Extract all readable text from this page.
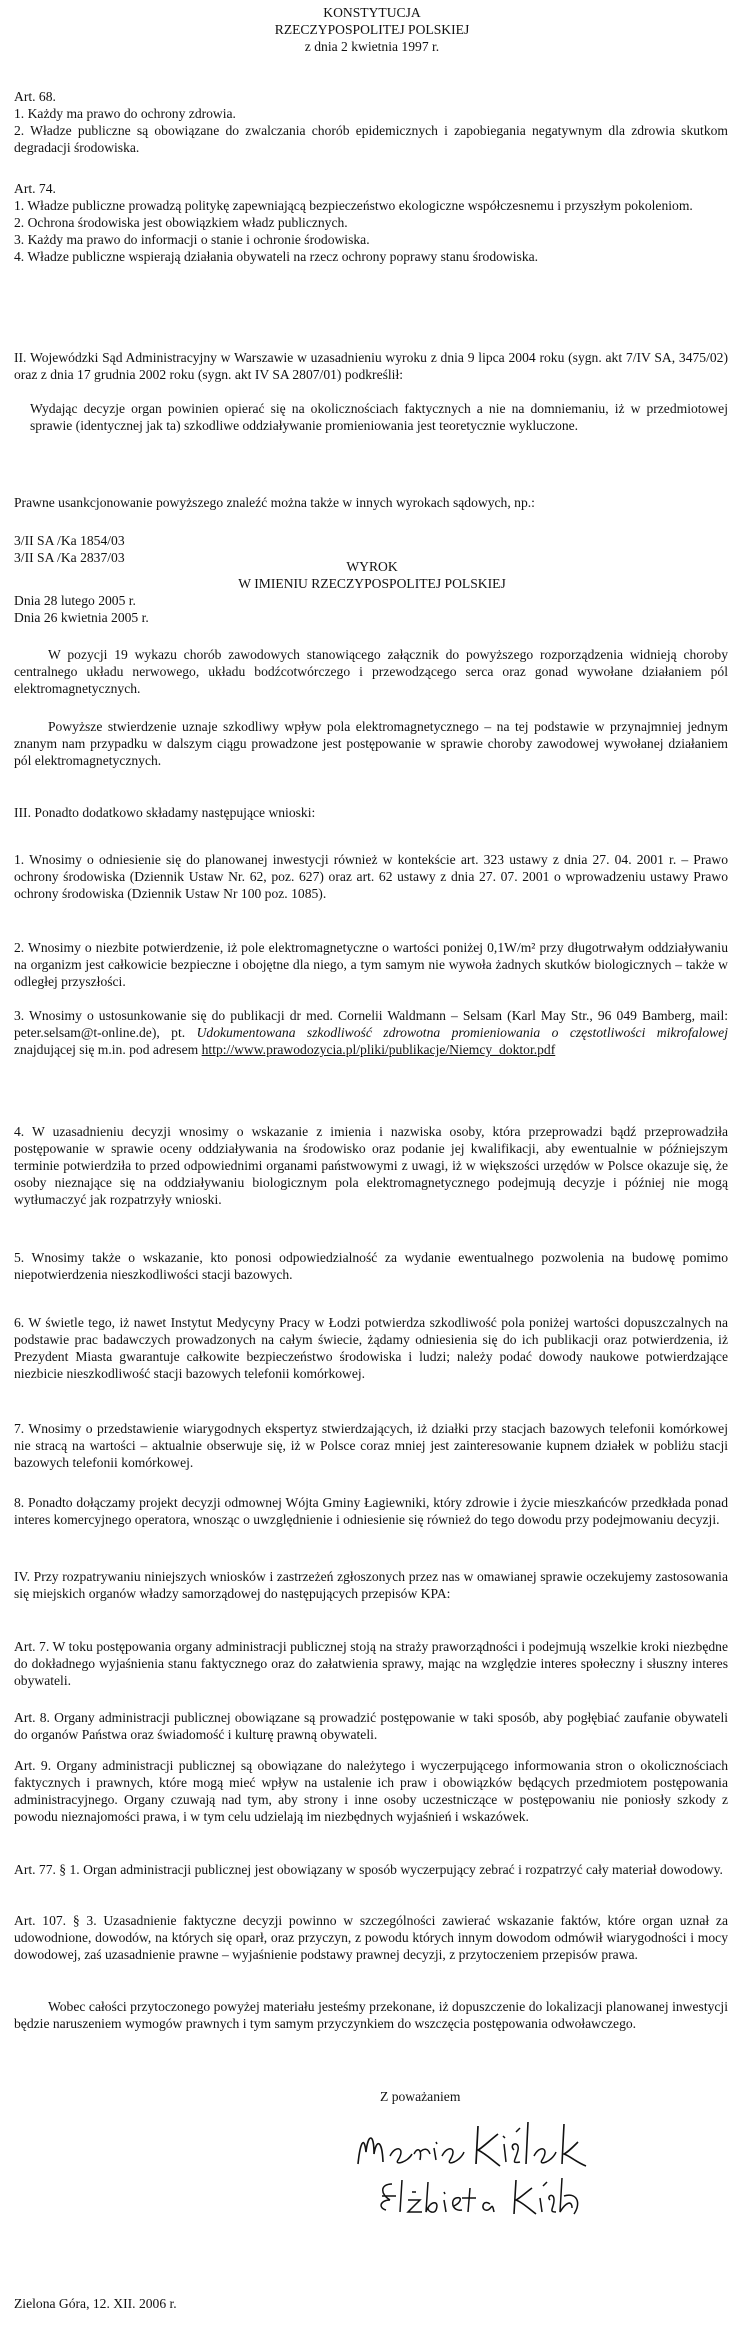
KONSTYTUCJA
RZECZYPOSPOLITEJ POLSKIEJ
z dnia 2 kwietnia 1997 r.
Art. 68.
1. Każdy ma prawo do ochrony zdrowia.
2. Władze publiczne są obowiązane do zwalczania chorób epidemicznych i zapobiegania negatywnym dla zdrowia skutkom degradacji środowiska.
Art. 74.
1. Władze publiczne prowadzą politykę zapewniającą bezpieczeństwo ekologiczne współczesnemu i przyszłym pokoleniom.
2. Ochrona środowiska jest obowiązkiem władz publicznych.
3. Każdy ma prawo do informacji o stanie i ochronie środowiska.
4. Władze publiczne wspierają działania obywateli na rzecz ochrony poprawy stanu środowiska.
II. Wojewódzki Sąd Administracyjny w Warszawie w uzasadnieniu wyroku z dnia 9 lipca 2004 roku (sygn. akt 7/IV SA, 3475/02) oraz z dnia 17 grudnia 2002 roku (sygn. akt IV SA 2807/01) podkreślił:
Wydając decyzje organ powinien opierać się na okolicznościach faktycznych a nie na domniemaniu, iż w przedmiotowej sprawie (identycznej jak ta) szkodliwe oddziaływanie promieniowania jest teoretycznie wykluczone.
Prawne usankcjonowanie powyższego znaleźć można także w innych wyrokach sądowych, np.:
3/II SA /Ka 1854/03
3/II SA /Ka 2837/03
WYROK
W IMIENIU RZECZYPOSPOLITEJ POLSKIEJ
Dnia 28 lutego 2005 r.
Dnia 26 kwietnia 2005 r.
W pozycji 19 wykazu chorób zawodowych stanowiącego załącznik do powyższego rozporządzenia widnieją choroby centralnego układu nerwowego, układu bodźcotwórczego i przewodzącego serca oraz gonad wywołane działaniem pól elektromagnetycznych.
Powyższe stwierdzenie uznaje szkodliwy wpływ pola elektromagnetycznego – na tej podstawie w przynajmniej jednym znanym nam przypadku w dalszym ciągu prowadzone jest postępowanie w sprawie choroby zawodowej wywołanej działaniem pól elektromagnetycznych.
III. Ponadto dodatkowo składamy następujące wnioski:
1. Wnosimy o odniesienie się do planowanej inwestycji również w kontekście art. 323 ustawy z dnia 27. 04. 2001 r. – Prawo ochrony środowiska (Dziennik Ustaw Nr. 62, poz. 627) oraz art. 62 ustawy z dnia 27. 07. 2001 o wprowadzeniu ustawy Prawo ochrony środowiska (Dziennik Ustaw Nr 100 poz. 1085).
2. Wnosimy o niezbite potwierdzenie, iż pole elektromagnetyczne o wartości poniżej 0,1W/m² przy długotrwałym oddziaływaniu na organizm jest całkowicie bezpieczne i obojętne dla niego, a tym samym nie wywoła żadnych skutków biologicznych – także w odległej przyszłości.
3. Wnosimy o ustosunkowanie się do publikacji dr med. Cornelii Waldmann – Selsam (Karl May Str., 96 049 Bamberg, mail: peter.selsam@t-online.de), pt. Udokumentowana szkodliwość zdrowotna promieniowania o częstotliwości mikrofalowej znajdującej się m.in. pod adresem http://www.prawodozycia.pl/pliki/publikacje/Niemcy_doktor.pdf
4. W uzasadnieniu decyzji wnosimy o wskazanie z imienia i nazwiska osoby, która przeprowadzi bądź przeprowadziła postępowanie w sprawie oceny oddziaływania na środowisko oraz podanie jej kwalifikacji, aby ewentualnie w późniejszym terminie potwierdziła to przed odpowiednimi organami państwowymi z uwagi, iż w większości urzędów w Polsce okazuje się, że osoby nieznające się na oddziaływaniu biologicznym pola elektromagnetycznego podejmują decyzje i później nie mogą wytłumaczyć jak rozpatrzyły wnioski.
5. Wnosimy także o wskazanie, kto ponosi odpowiedzialność za wydanie ewentualnego pozwolenia na budowę pomimo niepotwierdzenia nieszkodliwości stacji bazowych.
6. W świetle tego, iż nawet Instytut Medycyny Pracy w Łodzi potwierdza szkodliwość pola poniżej wartości dopuszczalnych na podstawie prac badawczych prowadzonych na całym świecie, żądamy odniesienia się do ich publikacji oraz potwierdzenia, iż Prezydent Miasta gwarantuje całkowite bezpieczeństwo środowiska i ludzi; należy podać dowody naukowe potwierdzające niezbicie nieszkodliwość stacji bazowych telefonii komórkowej.
7. Wnosimy o przedstawienie wiarygodnych ekspertyz stwierdzających, iż działki przy stacjach bazowych telefonii komórkowej nie stracą na wartości – aktualnie obserwuje się, iż w Polsce coraz mniej jest zainteresowanie kupnem działek w pobliżu stacji bazowych telefonii komórkowej.
8. Ponadto dołączamy projekt decyzji odmownej Wójta Gminy Łagiewniki, który zdrowie i życie mieszkańców przedkłada ponad interes komercyjnego operatora, wnosząc o uwzględnienie i odniesienie się również do tego dowodu przy podejmowaniu decyzji.
IV. Przy rozpatrywaniu niniejszych wniosków i zastrzeżeń zgłoszonych przez nas w omawianej sprawie oczekujemy zastosowania się miejskich organów władzy samorządowej do następujących przepisów KPA:
Art. 7. W toku postępowania organy administracji publicznej stoją na straży praworządności i podejmują wszelkie kroki niezbędne do dokładnego wyjaśnienia stanu faktycznego oraz do załatwienia sprawy, mając na względzie interes społeczny i słuszny interes obywateli.
Art. 8. Organy administracji publicznej obowiązane są prowadzić postępowanie w taki sposób, aby pogłębiać zaufanie obywateli do organów Państwa oraz świadomość i kulturę prawną obywateli.
Art. 9. Organy administracji publicznej są obowiązane do należytego i wyczerpującego informowania stron o okolicznościach faktycznych i prawnych, które mogą mieć wpływ na ustalenie ich praw i obowiązków będących przedmiotem postępowania administracyjnego. Organy czuwają nad tym, aby strony i inne osoby uczestniczące w postępowaniu nie poniosły szkody z powodu nieznajomości prawa, i w tym celu udzielają im niezbędnych wyjaśnień i wskazówek.
Art. 77. § 1. Organ administracji publicznej jest obowiązany w sposób wyczerpujący zebrać i rozpatrzyć cały materiał dowodowy.
Art. 107. § 3. Uzasadnienie faktyczne decyzji powinno w szczególności zawierać wskazanie faktów, które organ uznał za udowodnione, dowodów, na których się oparł, oraz przyczyn, z powodu których innym dowodom odmówił wiarygodności i mocy dowodowej, zaś uzasadnienie prawne – wyjaśnienie podstawy prawnej decyzji, z przytoczeniem przepisów prawa.
Wobec całości przytoczonego powyżej materiału jesteśmy przekonane, iż dopuszczenie do lokalizacji planowanej inwestycji będzie naruszeniem wymogów prawnych i tym samym przyczynkiem do wszczęcia postępowania odwoławczego.
Z poważaniem
Zielona Góra, 12. XII. 2006 r.
